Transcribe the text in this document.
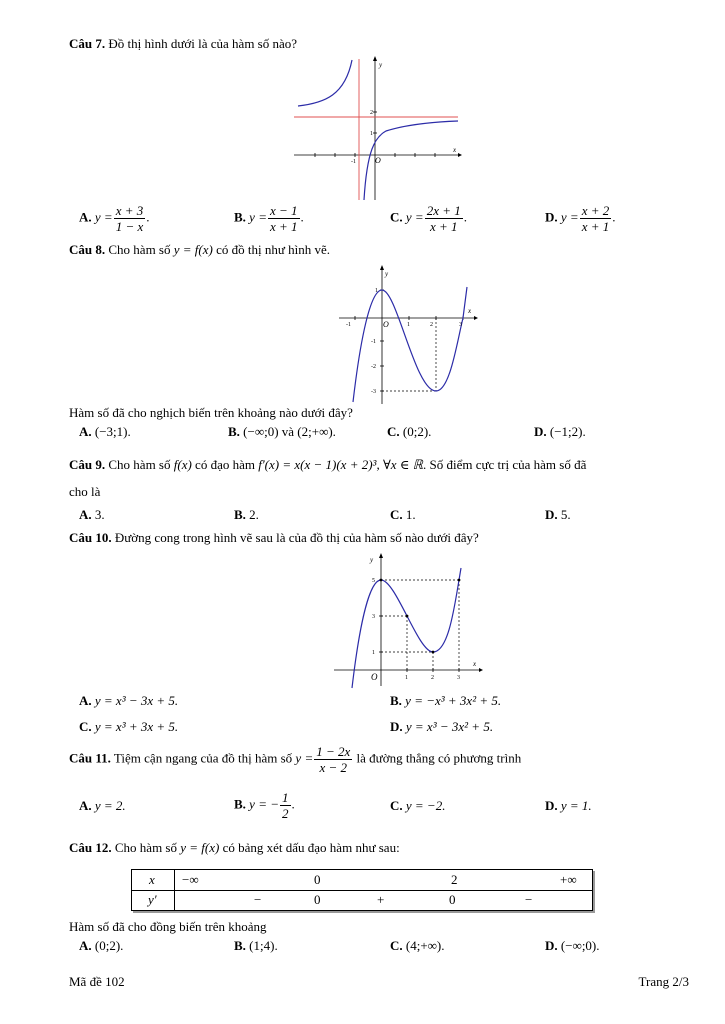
Câu 7. Đồ thị hình dưới là của hàm số nào?
y
x
2
1
-1 O
A. $y = \frac{x + 3}{1 - x}$ .	B. $y = \frac{x - 1}{x + 1}$ .	C. $y = \frac{2x + 1}{x + 1}$ .	D. $y = \frac{x + 2}{x + 1}$ .
Câu 8. Cho hàm số y = f(x) có đồ thị như hình vẽ.
y
x
1
-1
-2
-3
-1	O	1	2	3
Hàm số đã cho nghịch biến trên khoảng nào dưới đây?
A. (−3;1).	B. (−∞;0) và (2;+∞).	C. (0;2).	D. (−1;2).
Câu 9. Cho hàm số f(x) có đạo hàm f′(x) = x(x − 1)(x + 2)³, ∀x ∈ ℝ. Số điểm cực trị của hàm số đã
cho là
A. 3.	B. 2.	C. 1.	D. 5.
Câu 10. Đường cong trong hình vẽ sau là của đồ thị của hàm số nào dưới đây?
y
x
5
3
1
O	1	2	3
A. y = x³ − 3x + 5.	B. y = −x³ + 3x² + 5.
C. y = x³ + 3x + 5.	D. y = x³ − 3x² + 5.
Câu 11. Tiệm cận ngang của đồ thị hàm số $y = \frac{1 - 2x}{x - 2}$ là đường thẳng có phương trình
A. y = 2.	B. y = − $\frac{1}{2}$ .	C. y = −2.	D. y = 1.
Câu 12. Cho hàm số y = f(x) có bảng xét dấu đạo hàm như sau:
x −∞	0	2	+∞
y′	−	0	+	0	−
Hàm số đã cho đồng biến trên khoảng
A. (0;2).	B. (1;4).	C. (4;+∞).	D. (−∞;0).
Mã đề 102	Trang 2/3
